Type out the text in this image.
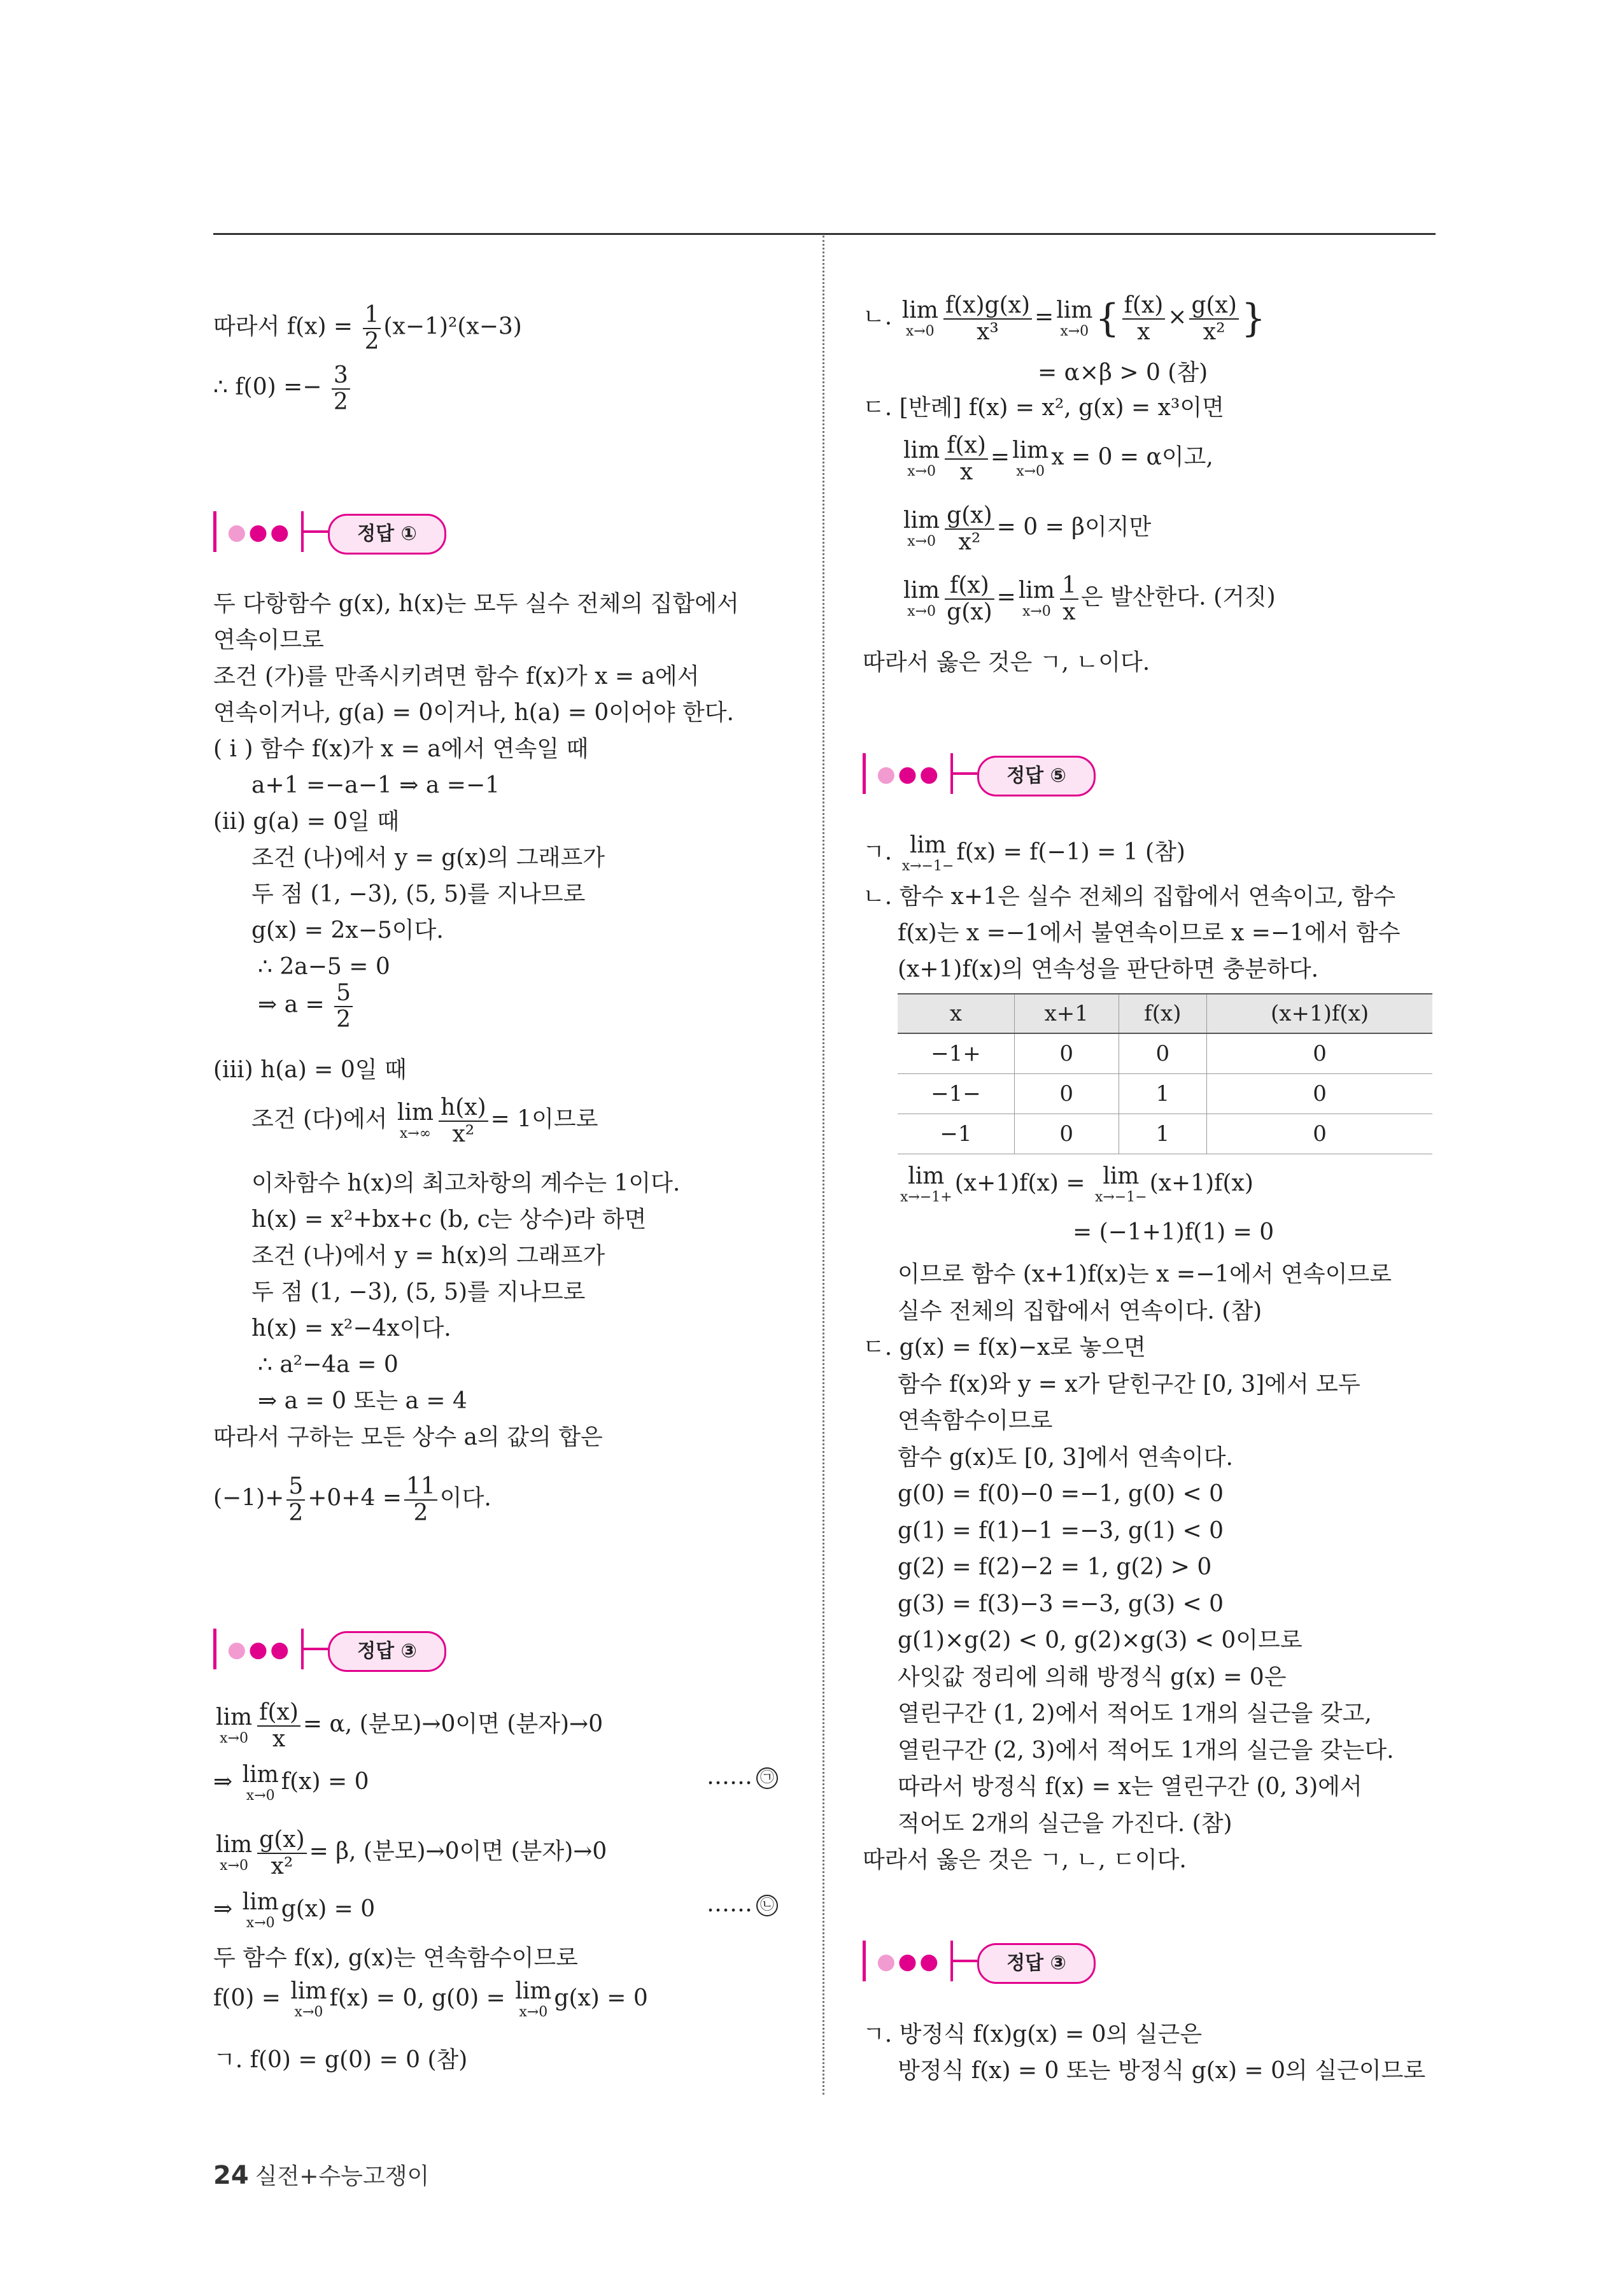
따라서 $f(x) = \frac{1}{2} (x-1)^2(x-3)$
∴ $f(0) =- \frac{3}{2}$
●●●	정답 ①
두 다항함수 g(x), h(x)는 모두 실수 전체의 집합에서
연속이므로
조건 (가)를 만족시키려면 함수 f(x)가 x = a에서
연속이거나, g(a) = 0이거나, h(a) = 0이어야 한다.
( i ) 함수 f(x)가 x = a에서 연속일 때
a+1 =−a−1 ⇒ a =−1
(ii) g(a) = 0일 때
조건 (나)에서 y = g(x)의 그래프가
두 점 (1, −3), (5, 5)를 지나므로
g(x) = 2x−5이다.
∴ 2a−5 = 0
⇒ $a = \frac{5}{2}$
(iii) h(a) = 0일 때
조건 (다)에서 lim
$x\to\infty \frac{h(x)}{\text{x²}} = 1$이므로
이차함수 h(x)의 최고차항의 계수는 1이다.
h(x) = x²+bx+c (b, c는 상수)라 하면
조건 (나)에서 y = h(x)의 그래프가
두 점 (1, −3), (5, 5)를 지나므로
h(x) = x²−4x이다.
∴ a²−4a = 0
⇒ a = 0 또는 a = 4
따라서 구하는 모든 상수 a의 값의 합은
$(-1)+ \frac{5}{2} +0+4 = \frac{11}{2}$ 이다.
●●●	정답 ③
lim
$x\to 0 \frac{f(x)}{x} = \alpha$, (분모)→0이면 (분자)→0
⇒ lim
x→0
f(x) = 0	…… ㉠
lim
$x\to 0 \frac{g(x)}{\text{x²}} = \beta$, (분모)→0이면 (분자)→0
⇒ lim
x→0
g(x) = 0	…… ㉡
두 함수 f(x), g(x)는 연속함수이므로
f(0) = lim
x→0
f(x) = 0, g(0) = lim
x→0
g(x) = 0
ㄱ. f(0) = g(0) = 0 (참)
ㄴ. lim
$x\to 0 \frac{f(x)g(x)}{\text{x³}} = \lim$
x→0 { $\frac{f(x)}{x} \times \frac{g(x)}{\text{x²}}$ }
= α×β > 0 (참)
ㄷ. [반례] f(x) = x², g(x) = x³이면
lim
$x\to 0 \frac{f(x)}{x} = \lim$
x→0
x = 0 = α이고,
lim
$x\to 0 \frac{g(x)}{\text{x²}} = 0 = \beta$이지만
lim
$x\to 0 \frac{f(x)}{g(x)} = \lim$
$x\to 0 \frac{1}{x}$ 은 발산한다. (거짓)
따라서 옳은 것은 ㄱ, ㄴ이다.
●●●	정답 ⑤
ㄱ. lim
x→−1−
f(x) = f(−1) = 1 (참)
ㄴ. 함수 x+1은 실수 전체의 집합에서 연속이고, 함수
f(x)는 x =−1에서 불연속이므로 x =−1에서 함수
(x+1)f(x)의 연속성을 판단하면 충분하다.
x	x+1	f(x)	(x+1)f(x)
−1+	0	0	0
−1−	0	1	0
−1	0	1	0
lim
x→−1+
(x+1)f(x) = lim
x→−1−
(x+1)f(x)
= (−1+1)f(1) = 0
이므로 함수 (x+1)f(x)는 x =−1에서 연속이므로
실수 전체의 집합에서 연속이다. (참)
ㄷ. g(x) = f(x)−x로 놓으면
함수 f(x)와 y = x가 닫힌구간 [0, 3]에서 모두
연속함수이므로
함수 g(x)도 [0, 3]에서 연속이다.
g(0) = f(0)−0 =−1, g(0) < 0
g(1) = f(1)−1 =−3, g(1) < 0
g(2) = f(2)−2 = 1, g(2) > 0
g(3) = f(3)−3 =−3, g(3) < 0
g(1)×g(2) < 0, g(2)×g(3) < 0이므로
사잇값 정리에 의해 방정식 g(x) = 0은
열린구간 (1, 2)에서 적어도 1개의 실근을 갖고,
열린구간 (2, 3)에서 적어도 1개의 실근을 갖는다.
따라서 방정식 f(x) = x는 열린구간 (0, 3)에서
적어도 2개의 실근을 가진다. (참)
따라서 옳은 것은 ㄱ, ㄴ, ㄷ이다.
●●●	정답 ③
ㄱ. 방정식 f(x)g(x) = 0의 실근은
방정식 f(x) = 0 또는 방정식 g(x) = 0의 실근이므로
24 실전+수능고쟁이
